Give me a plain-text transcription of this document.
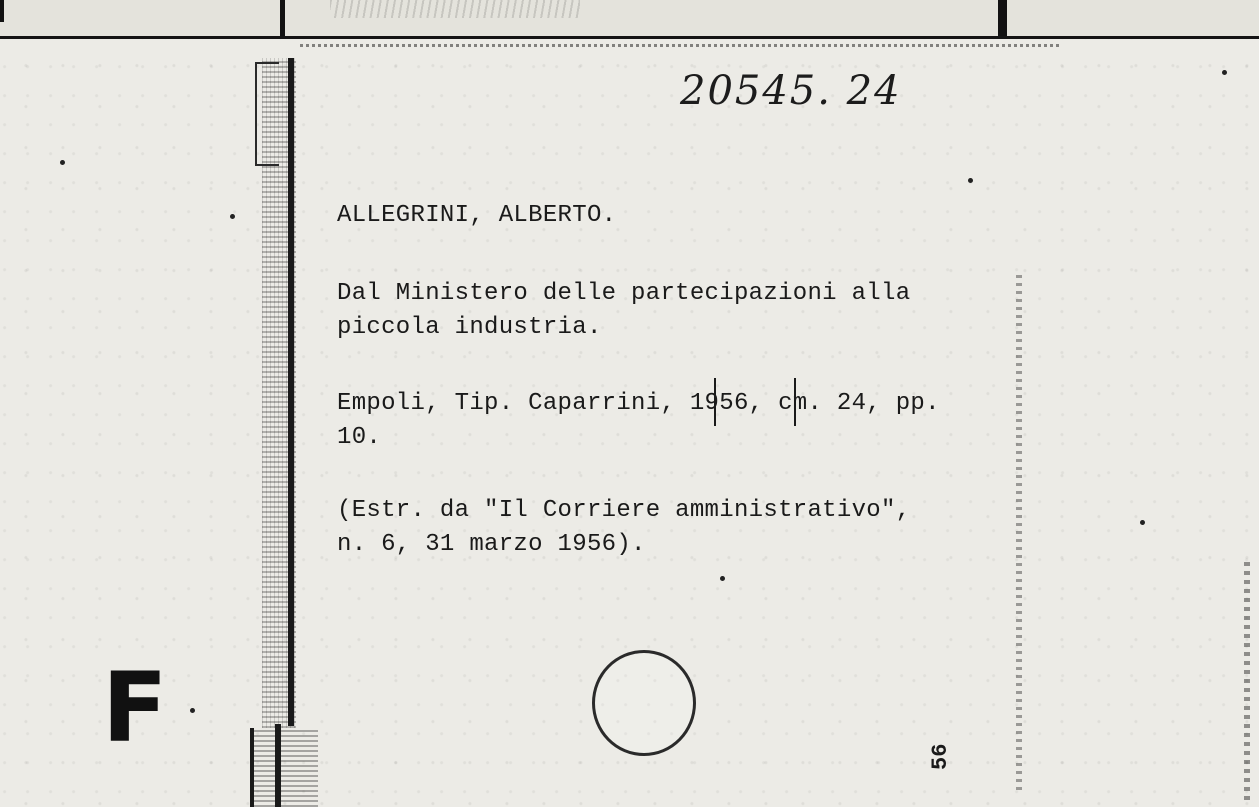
20545. 24
ALLEGRINI, ALBERTO.
Dal Ministero delle partecipazioni alla
piccola industria.
Empoli, Tip. Caparrini, 1956, cm. 24, pp.
10.
(Estr. da "Il Corriere amministrativo",
n. 6, 31 marzo 1956).
F	56
